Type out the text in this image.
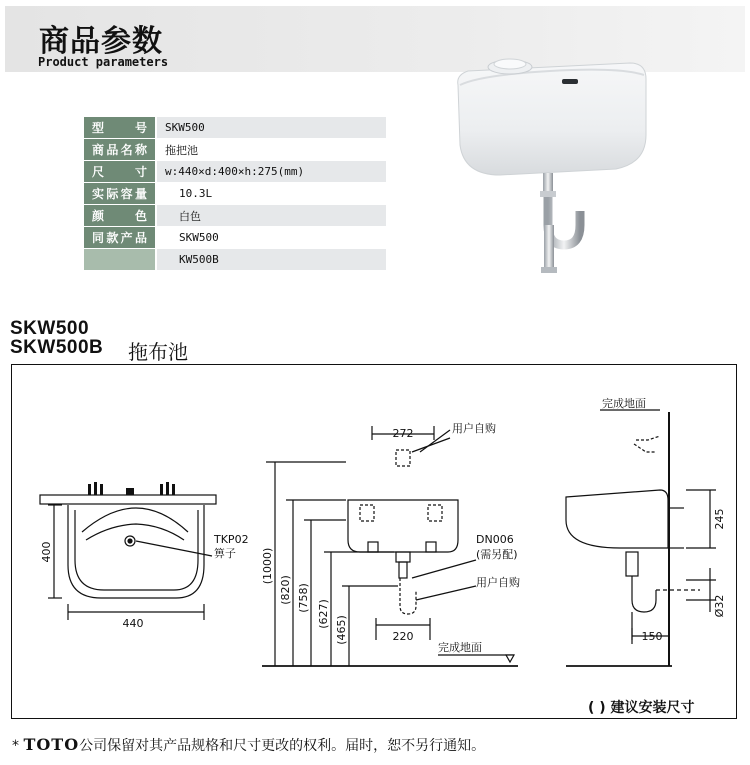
商品参数
Product parameters
型号	SKW500
商品名称	拖把池
尺寸	w:440×d:400×h:275(mm)
实际容量	10.3L
颜色	白色
同款产品	SKW500
	KW500B
SKW500
SKW500B 拖布池
400
440
TKP02
箅子
272	用户自购
DN006
(需另配)
用户自购
(1000)
(820) (758)
(627)
(465)	220
完成地面
完成地面
245
Ø32
150
( ) 建议安装尺寸
* TOTO公司保留对其产品规格和尺寸更改的权利。届时，恕不另行通知。
